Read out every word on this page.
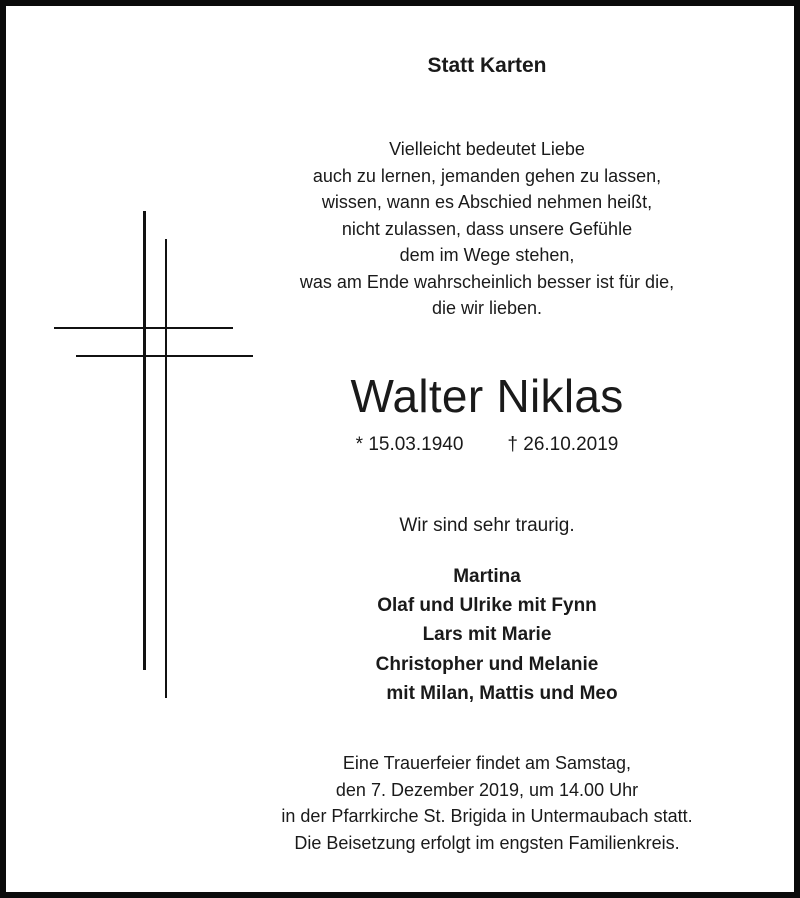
Statt Karten
Vielleicht bedeutet Liebe
auch zu lernen, jemanden gehen zu lassen,
wissen, wann es Abschied nehmen heißt,
nicht zulassen, dass unsere Gefühle
dem im Wege stehen,
was am Ende wahrscheinlich besser ist für die,
die wir lieben.
Walter Niklas
* 15.03.1940 † 26.10.2019
Wir sind sehr traurig.
Martina
Olaf und Ulrike mit Fynn
Lars mit Marie
Christopher und Melanie
mit Milan, Mattis und Meo
Eine Trauerfeier findet am Samstag,
den 7. Dezember 2019, um 14.00 Uhr
in der Pfarrkirche St. Brigida in Untermaubach statt.
Die Beisetzung erfolgt im engsten Familienkreis.
